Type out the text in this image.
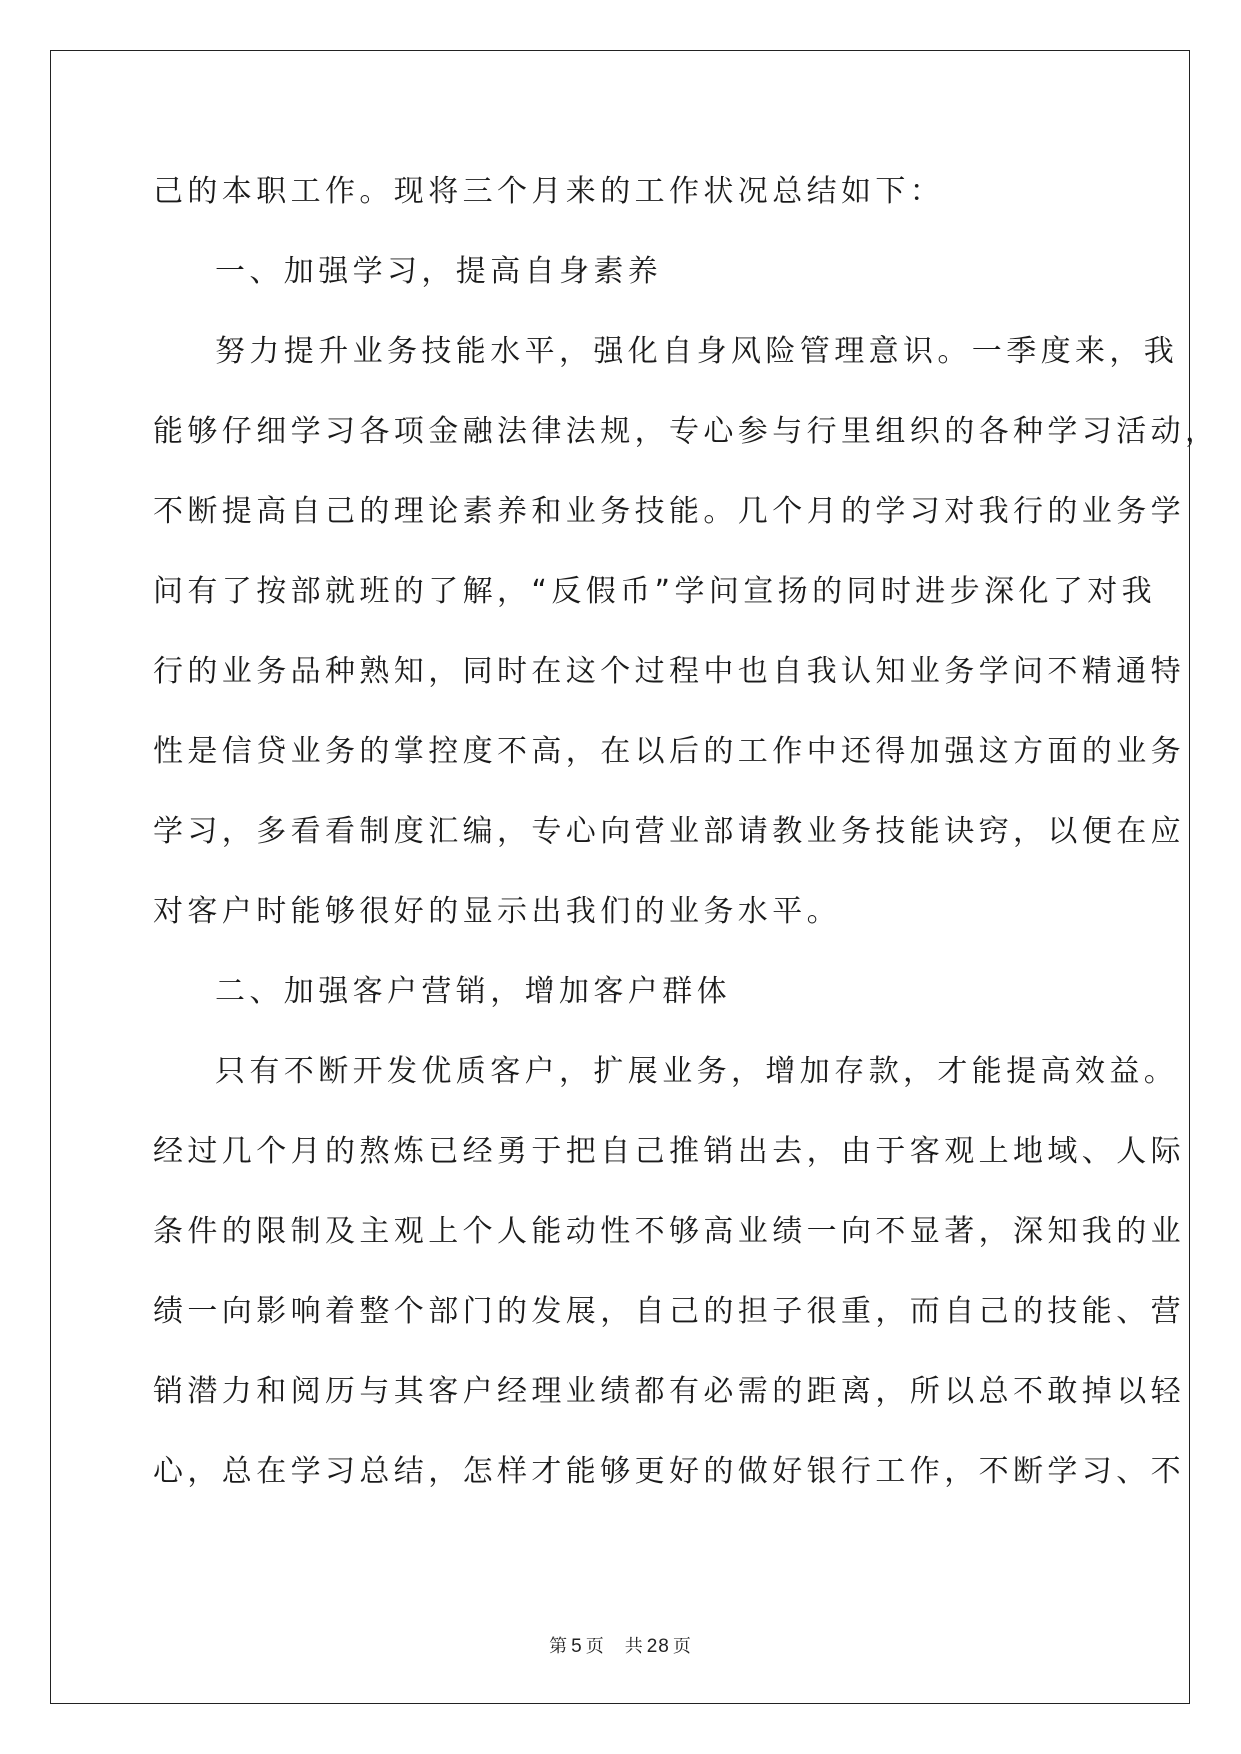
己的本职工作。现将三个月来的工作状况总结如下：
一、加强学习，提高自身素养
努力提升业务技能水平，强化自身风险管理意识。一季度来，我
能够仔细学习各项金融法律法规，专心参与行里组织的各种学习活动，
不断提高自己的理论素养和业务技能。几个月的学习对我行的业务学
问有了按部就班的了解，“反假币”学问宣扬的同时进步深化了对我
行的业务品种熟知，同时在这个过程中也自我认知业务学问不精通特
性是信贷业务的掌控度不高，在以后的工作中还得加强这方面的业务
学习，多看看制度汇编，专心向营业部请教业务技能诀窍，以便在应
对客户时能够很好的显示出我们的业务水平。
二、加强客户营销，增加客户群体
只有不断开发优质客户，扩展业务，增加存款，才能提高效益。
经过几个月的熬炼已经勇于把自己推销出去，由于客观上地域、人际
条件的限制及主观上个人能动性不够高业绩一向不显著，深知我的业
绩一向影响着整个部门的发展，自己的担子很重，而自己的技能、营
销潜力和阅历与其客户经理业绩都有必需的距离，所以总不敢掉以轻
心，总在学习总结，怎样才能够更好的做好银行工作，不断学习、不
第 5 页 共 28 页
